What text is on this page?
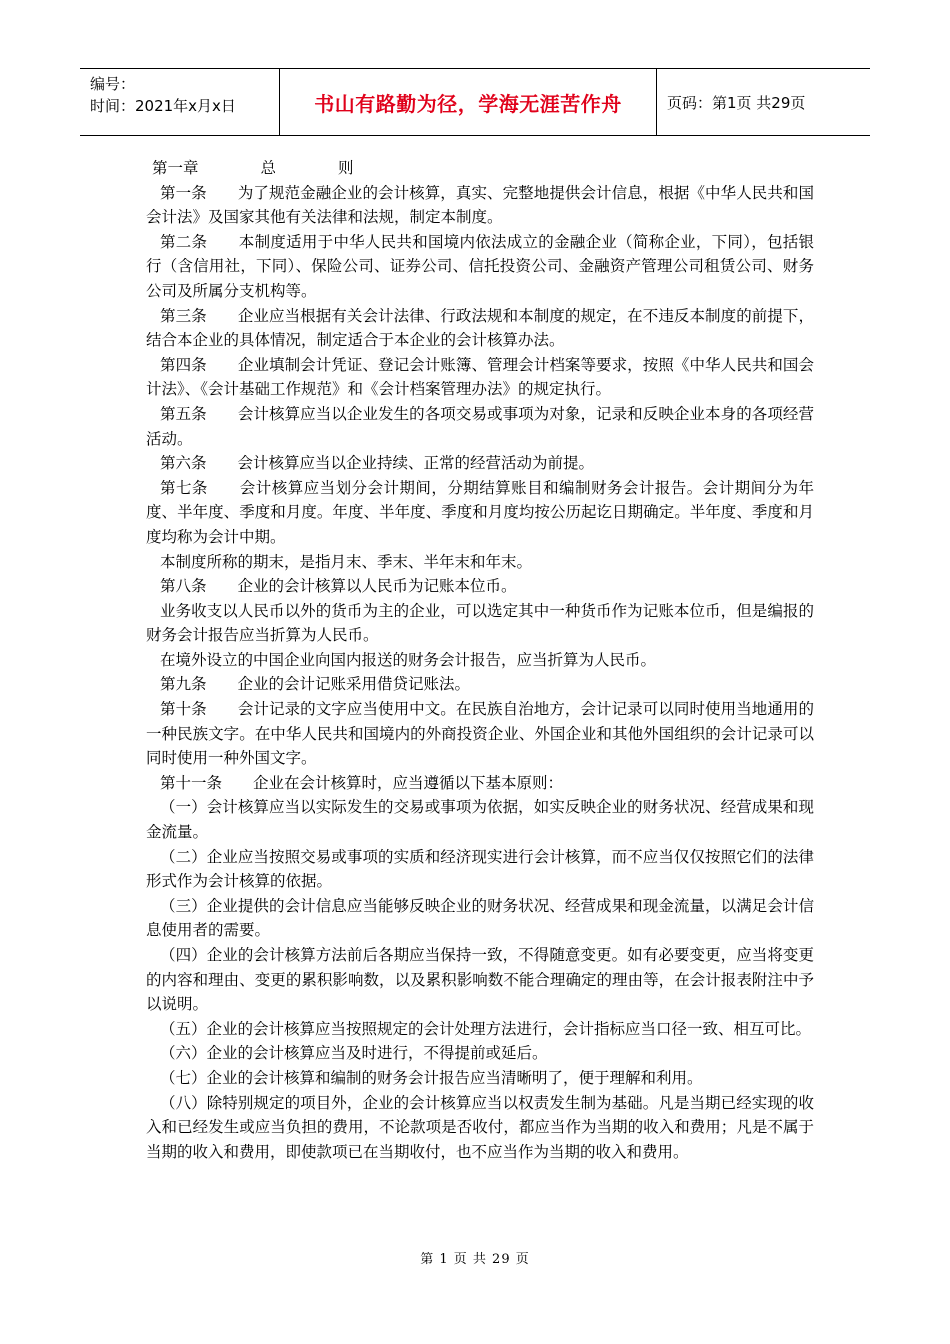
编号：
时间：2021年x月x日	书山有路勤为径，学海无涯苦作舟	页码：第1页 共29页
第一章　　　　总　　　　则

第一条　　为了规范金融企业的会计核算，真实、完整地提供会计信息，根据《中华人民共和国会计法》及国家其他有关法律和法规，制定本制度。

第二条　　本制度适用于中华人民共和国境内依法成立的金融企业（简称企业，下同），包括银行（含信用社，下同）、保险公司、证券公司、信托投资公司、金融资产管理公司租赁公司、财务公司及所属分支机构等。

第三条　　企业应当根据有关会计法律、行政法规和本制度的规定，在不违反本制度的前提下，结合本企业的具体情况，制定适合于本企业的会计核算办法。

第四条　　企业填制会计凭证、登记会计账簿、管理会计档案等要求，按照《中华人民共和国会计法》、《会计基础工作规范》和《会计档案管理办法》的规定执行。

第五条　　会计核算应当以企业发生的各项交易或事项为对象，记录和反映企业本身的各项经营活动。

第六条　　会计核算应当以企业持续、正常的经营活动为前提。

第七条　　会计核算应当划分会计期间，分期结算账目和编制财务会计报告。会计期间分为年度、半年度、季度和月度。年度、半年度、季度和月度均按公历起讫日期确定。半年度、季度和月度均称为会计中期。

本制度所称的期末，是指月末、季末、半年末和年末。

第八条　　企业的会计核算以人民币为记账本位币。

业务收支以人民币以外的货币为主的企业，可以选定其中一种货币作为记账本位币，但是编报的财务会计报告应当折算为人民币。

在境外设立的中国企业向国内报送的财务会计报告，应当折算为人民币。

第九条　　企业的会计记账采用借贷记账法。

第十条　　会计记录的文字应当使用中文。在民族自治地方，会计记录可以同时使用当地通用的一种民族文字。在中华人民共和国境内的外商投资企业、外国企业和其他外国组织的会计记录可以同时使用一种外国文字。

第十一条　　企业在会计核算时，应当遵循以下基本原则：

（一）会计核算应当以实际发生的交易或事项为依据，如实反映企业的财务状况、经营成果和现金流量。

（二）企业应当按照交易或事项的实质和经济现实进行会计核算，而不应当仅仅按照它们的法律形式作为会计核算的依据。

（三）企业提供的会计信息应当能够反映企业的财务状况、经营成果和现金流量，以满足会计信息使用者的需要。

（四）企业的会计核算方法前后各期应当保持一致，不得随意变更。如有必要变更，应当将变更的内容和理由、变更的累积影响数，以及累积影响数不能合理确定的理由等，在会计报表附注中予以说明。

（五）企业的会计核算应当按照规定的会计处理方法进行，会计指标应当口径一致、相互可比。

（六）企业的会计核算应当及时进行，不得提前或延后。

（七）企业的会计核算和编制的财务会计报告应当清晰明了，便于理解和利用。

（八）除特别规定的项目外，企业的会计核算应当以权责发生制为基础。凡是当期已经实现的收入和已经发生或应当负担的费用，不论款项是否收付，都应当作为当期的收入和费用；凡是不属于当期的收入和费用，即使款项已在当期收付，也不应当作为当期的收入和费用。

第 1 页 共 29 页
